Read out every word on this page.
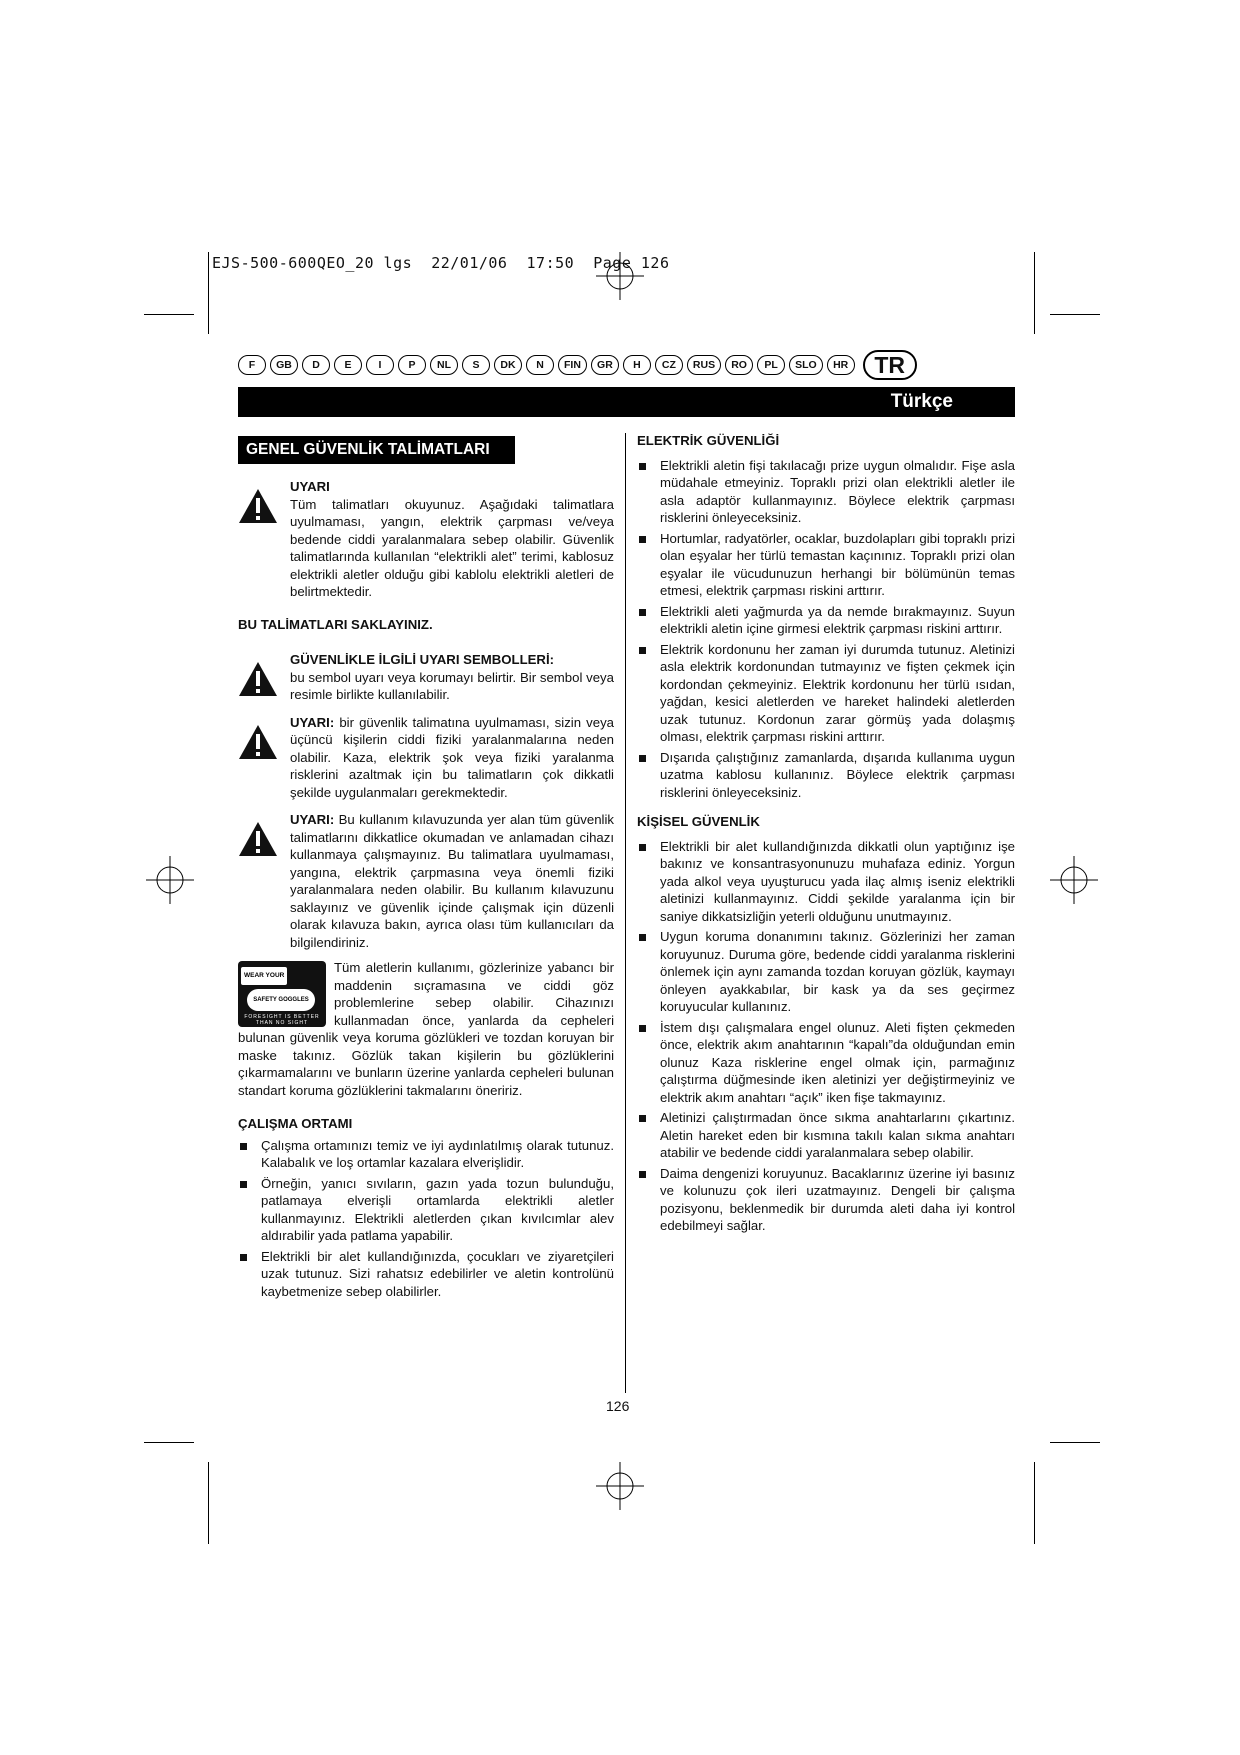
EJS-500-600QEO_20 lgs  22/01/06  17:50  Page 126
F	GB	D	E	I	P	NL	S	DK	N	FIN	GR	H	CZ	RUS	RO	PL	SLO	HR	TR
Türkçe
GENEL GÜVENLİK TALİMATLARI

UYARI

Tüm talimatları okuyunuz. Aşağıdaki talimatlara uyulmaması, yangın, elektrik çarpması ve/veya bedende ciddi yaralanmalara sebep olabilir. Güvenlik talimatlarında kullanılan “elektrikli alet” terimi, kablosuz elektrikli aletler olduğu gibi kablolu elektrikli aletleri de belirtmektedir.

BU TALİMATLARI SAKLAYINIZ.

GÜVENLİKLE İLGİLİ UYARI SEMBOLLERİ:

bu sembol uyarı veya korumayı belirtir. Bir sembol veya resimle birlikte kullanılabilir.

UYARI: bir güvenlik talimatına uyulmaması, sizin veya üçüncü kişilerin ciddi fiziki yaralanmalarına neden olabilir. Kaza, elektrik şok veya fiziki yaralanma risklerini azaltmak için bu talimatların çok dikkatli şekilde uygulanmaları gerekmektedir.

UYARI: Bu kullanım kılavuzunda yer alan tüm güvenlik talimatlarını dikkatlice okumadan ve anlamadan cihazı kullanmaya çalışmayınız. Bu talimatlara uyulmaması, yangına, elektrik çarpmasına veya önemli fiziki yaralanmalara neden olabilir. Bu kullanım kılavuzunu saklayınız ve güvenlik içinde çalışmak için düzenli olarak kılavuza bakın, ayrıca olası tüm kullanıcıları da bilgilendiriniz.

WEAR YOUR
SAFETY GOGGLES
FORESIGHT IS BETTER THAN NO SIGHT

Tüm aletlerin kullanımı, gözlerinize yabancı bir maddenin sıçramasına ve ciddi göz problemlerine sebep olabilir. Cihazınızı kullanmadan önce, yanlarda da cepheleri bulunan güvenlik veya koruma gözlükleri ve tozdan koruyan bir maske takınız. Gözlük takan kişilerin bu gözlüklerini çıkarmamalarını ve bunların üzerine yanlarda cepheleri bulunan standart koruma gözlüklerini takmalarını öneririz.

ÇALIŞMA ORTAMI

Çalışma ortamınızı temiz ve iyi aydınlatılmış olarak tutunuz. Kalabalık ve loş ortamlar kazalara elverişlidir.
Örneğin, yanıcı sıvıların, gazın yada tozun bulunduğu, patlamaya elverişli ortamlarda elektrikli aletler kullanmayınız. Elektrikli aletlerden çıkan kıvılcımlar alev aldırabilir yada patlama yapabilir.
Elektrikli bir alet kullandığınızda, çocukları ve ziyaretçileri uzak tutunuz. Sizi rahatsız edebilirler ve aletin kontrolünü kaybetmenize sebep olabilirler.

ELEKTRİK GÜVENLİĞİ

Elektrikli aletin fişi takılacağı prize uygun olmalıdır. Fişe asla müdahale etmeyiniz. Topraklı prizi olan elektrikli aletler ile asla adaptör kullanmayınız. Böylece elektrik çarpması risklerini önleyeceksiniz.
Hortumlar, radyatörler, ocaklar, buzdolapları gibi topraklı prizi olan eşyalar her türlü temastan kaçınınız. Topraklı prizi olan eşyalar ile vücudunuzun herhangi bir bölümünün temas etmesi, elektrik çarpması riskini arttırır.
Elektrikli aleti yağmurda ya da nemde bırakmayınız. Suyun elektrikli aletin içine girmesi elektrik çarpması riskini arttırır.
Elektrik kordonunu her zaman iyi durumda tutunuz. Aletinizi asla elektrik kordonundan tutmayınız ve fişten çekmek için kordondan çekmeyiniz. Elektrik kordonunu her türlü ısıdan, yağdan, kesici aletlerden ve hareket halindeki aletlerden uzak tutunuz. Kordonun zarar görmüş yada dolaşmış olması, elektrik çarpması riskini arttırır.
Dışarıda çalıştığınız zamanlarda, dışarıda kullanıma uygun uzatma kablosu kullanınız. Böylece elektrik çarpması risklerini önleyeceksiniz.

KİŞİSEL GÜVENLİK

Elektrikli bir alet kullandığınızda dikkatli olun yaptığınız işe bakınız ve konsantrasyonunuzu muhafaza ediniz. Yorgun yada alkol veya uyuşturucu yada ilaç almış iseniz elektrikli aletinizi kullanmayınız. Ciddi şekilde yaralanma için bir saniye dikkatsizliğin yeterli olduğunu unutmayınız.
Uygun koruma donanımını takınız. Gözlerinizi her zaman koruyunuz. Duruma göre, bedende ciddi yaralanma risklerini önlemek için aynı zamanda tozdan koruyan gözlük, kaymayı önleyen ayakkabılar, bir kask ya da ses geçirmez koruyucular kullanınız.
İstem dışı çalışmalara engel olunuz. Aleti fişten çekmeden önce, elektrik akım anahtarının “kapalı”da olduğundan emin olunuz Kaza risklerine engel olmak için, parmağınız çalıştırma düğmesinde iken aletinizi yer değiştirmeyiniz ve elektrik akım anahtarı “açık” iken fişe takmayınız.
Aletinizi çalıştırmadan önce sıkma anahtarlarını çıkartınız. Aletin hareket eden bir kısmına takılı kalan sıkma anahtarı atabilir ve bedende ciddi yaralanmalara sebep olabilir.
Daima dengenizi koruyunuz. Bacaklarınız üzerine iyi basınız ve kolunuzu çok ileri uzatmayınız. Dengeli bir çalışma pozisyonu, beklenmedik bir durumda aleti daha iyi kontrol edebilmeyi sağlar.
126
